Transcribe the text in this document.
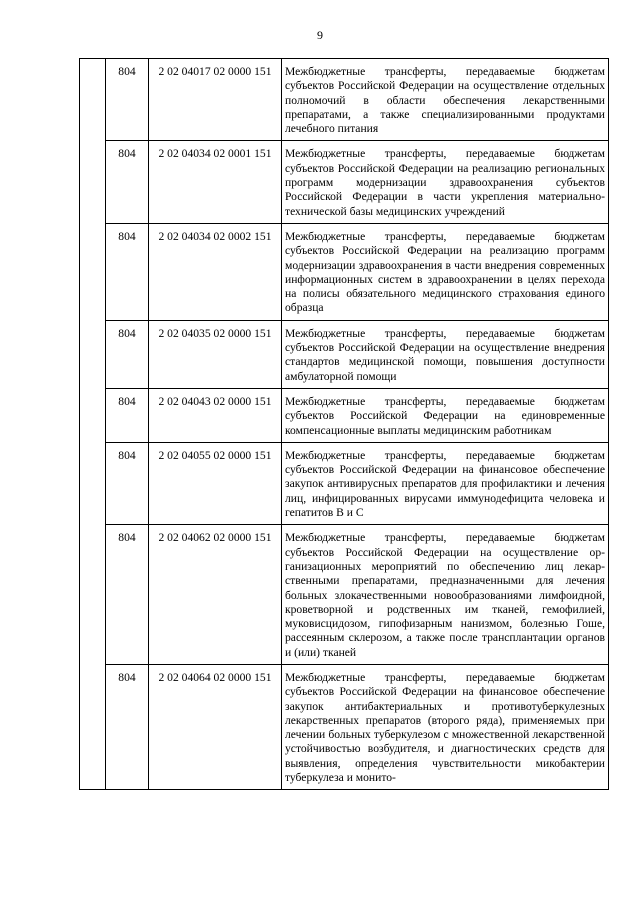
9
	804	2 02 04017 02 0000 151	Межбюджетные трансферты, передаваемые бюджетам субъектов Российской Федерации на осуществление отдельных полномочий в области обеспечения лекарственными препаратами, а также специализированными продуктами лечебного питания
	804	2 02 04034 02 0001 151	Межбюджетные трансферты, передаваемые бюджетам субъектов Российской Федерации на реализацию региональных программ модернизации здравоохранения субъектов Российской Федерации в части укрепления материально-технической базы медицинских учреждений
	804	2 02 04034 02 0002 151	Межбюджетные трансферты, передаваемые бюджетам субъектов Российской Федерации на реализацию программ модернизации здравоохранения в части внедрения современных информационных систем в здравоохранении в целях перехода на полисы обязательного медицинского страхования единого образца
	804	2 02 04035 02 0000 151	Межбюджетные трансферты, передаваемые бюджетам субъектов Российской Федерации на осуществление внедрения стандартов медицинской помощи, повышения доступности амбулаторной помощи
	804	2 02 04043 02 0000 151	Межбюджетные трансферты, передаваемые бюджетам субъектов Российской Федерации на единовременные компенсационные выплаты медицинским работникам
	804	2 02 04055 02 0000 151	Межбюджетные трансферты, передаваемые бюджетам субъектов Российской Федерации на финансовое обеспечение закупок антивирусных препаратов для профилактики и лечения лиц, инфицированных вирусами иммунодефицита человека и гепатитов B и C
	804	2 02 04062 02 0000 151	Межбюджетные трансферты, передаваемые бюджетам субъектов Российской Федерации на осуществление организационных мероприятий по обеспечению лиц лекарственными препаратами, предназначенными для лечения больных злокачественными новообразованиями лимфоидной, кроветворной и родственных им тканей, гемофилией, муковисцидозом, гипофизарным нанизмом, болезнью Гоше, рассеянным склерозом, а также после трансплантации органов и (или) тканей
	804	2 02 04064 02 0000 151	Межбюджетные трансферты, передаваемые бюджетам субъектов Российской Федерации на финансовое обеспечение закупок антибактериальных и противотуберкулезных лекарственных препаратов (второго ряда), применяемых при лечении больных туберкулезом с множественной лекарственной устойчивостью возбудителя, и диагностических средств для выявления, определения чувствительности микобактерии туберкулеза и монито-
